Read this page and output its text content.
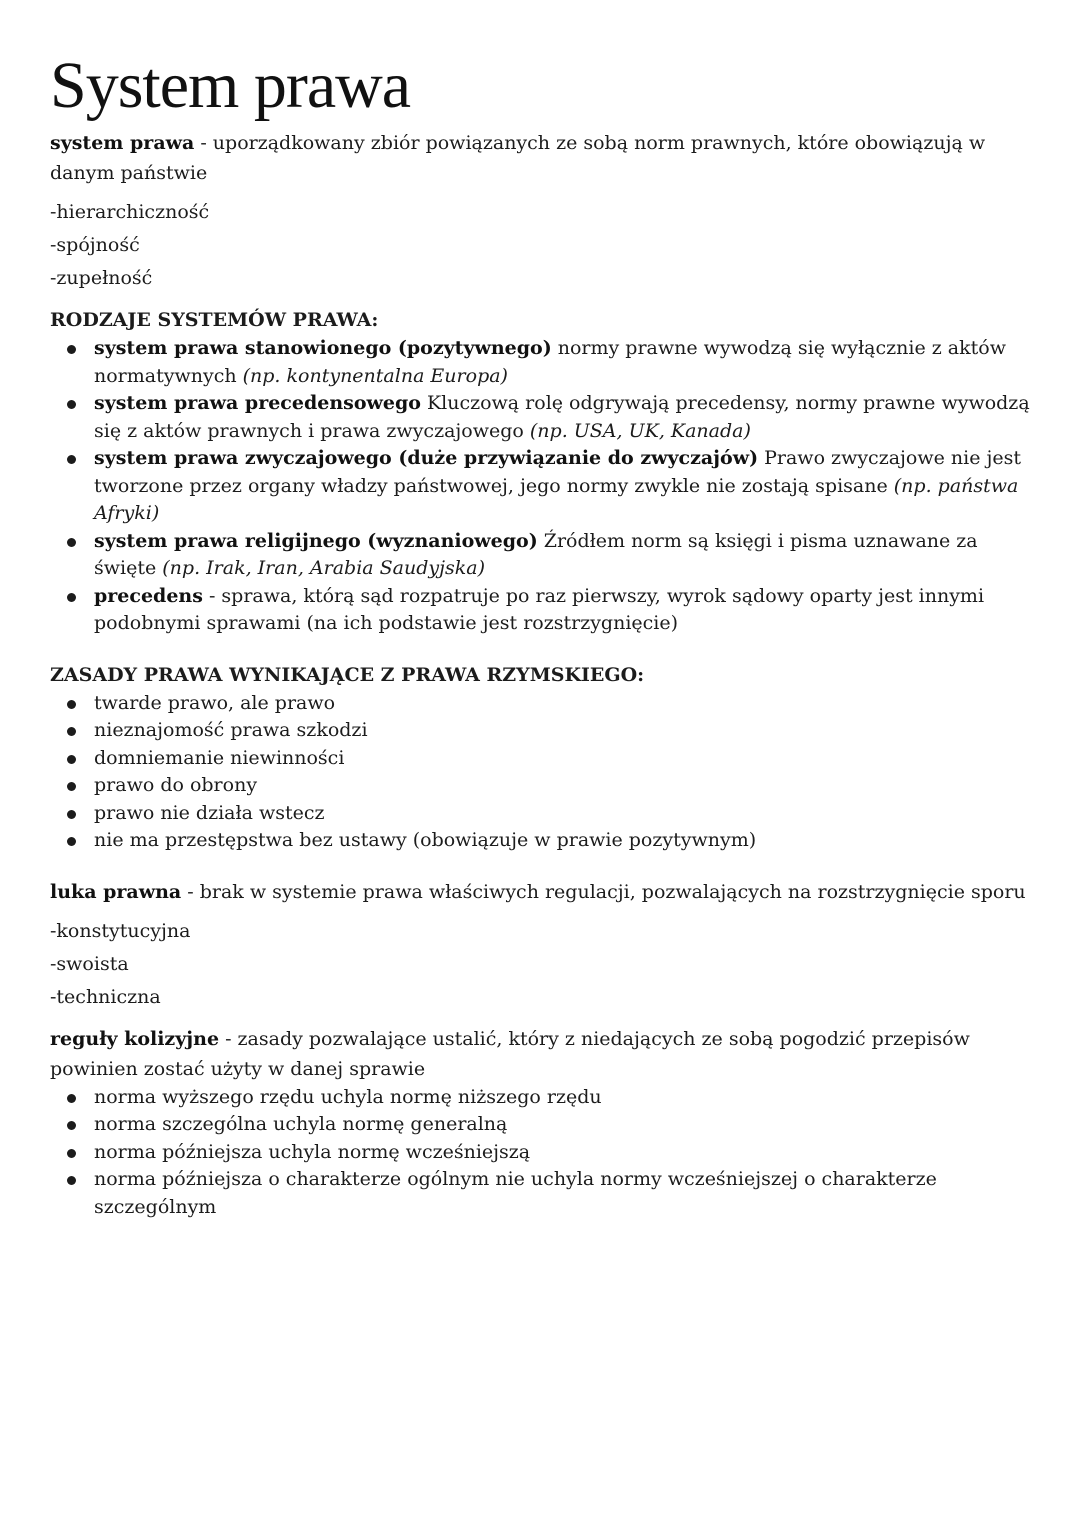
System prawa

system prawa - uporządkowany zbiór powiązanych ze sobą norm prawnych, które obowiązują w danym państwie

-hierarchiczność
-spójność
-zupełność
RODZAJE SYSTEMÓW PRAWA:
system prawa stanowionego (pozytywnego) normy prawne wywodzą się wyłącznie z aktów normatywnych (np. kontynentalna Europa)
system prawa precedensowego Kluczową rolę odgrywają precedensy, normy prawne wywodzą się z aktów prawnych i prawa zwyczajowego (np. USA, UK, Kanada)
system prawa zwyczajowego (duże przywiązanie do zwyczajów) Prawo zwyczajowe nie jest tworzone przez organy władzy państwowej, jego normy zwykle nie zostają spisane (np. państwa Afryki)
system prawa religijnego (wyznaniowego) Źródłem norm są księgi i pisma uznawane za święte (np. Irak, Iran, Arabia Saudyjska)
precedens - sprawa, którą sąd rozpatruje po raz pierwszy, wyrok sądowy oparty jest innymi podobnymi sprawami (na ich podstawie jest rozstrzygnięcie)
ZASADY PRAWA WYNIKAJĄCE Z PRAWA RZYMSKIEGO:
twarde prawo, ale prawo
nieznajomość prawa szkodzi
domniemanie niewinności
prawo do obrony
prawo nie działa wstecz
nie ma przestępstwa bez ustawy (obowiązuje w prawie pozytywnym)

luka prawna - brak w systemie prawa właściwych regulacji, pozwalających na rozstrzygnięcie sporu

-konstytucyjna
-swoista
-techniczna

reguły kolizyjne - zasady pozwalające ustalić, który z niedających ze sobą pogodzić przepisów powinien zostać użyty w danej sprawie

norma wyższego rzędu uchyla normę niższego rzędu
norma szczególna uchyla normę generalną
norma późniejsza uchyla normę wcześniejszą
norma późniejsza o charakterze ogólnym nie uchyla normy wcześniejszej o charakterze szczególnym
